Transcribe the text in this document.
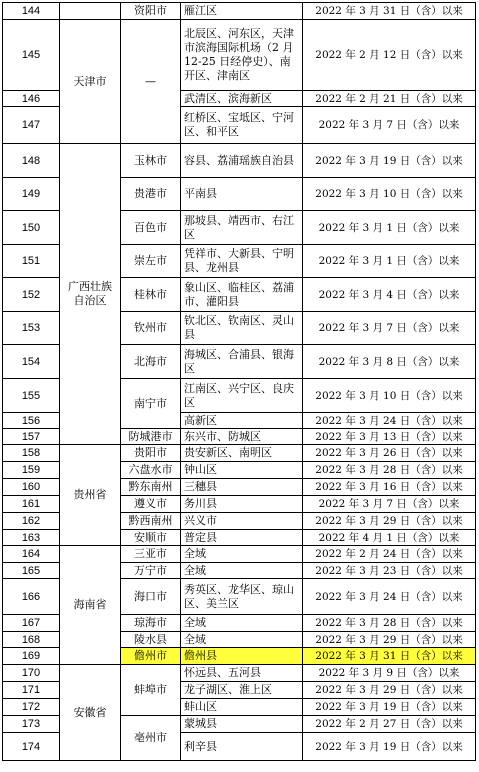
144		资阳市	雁江区	2022 年 3 月 31 日（含）以来
145	天津市	—	北辰区、河东区，天津市滨海国际机场（2 月 12-25 日经停史）、南开区、津南区	2022 年 2 月 12 日（含）以来
146			武清区、滨海新区	2022 年 2 月 21 日（含）以来
147			红桥区、宝坻区、宁河区、和平区	2022 年 3 月 7 日（含）以来
148	广西壮族自治区	玉林市	容县、荔浦瑶族自治县	2022 年 3 月 19 日（含）以来
149		贵港市	平南县	2022 年 3 月 10 日（含）以来
150		百色市	那坡县、靖西市、右江区	2022 年 3 月 1 日（含）以来
151		崇左市	凭祥市、大新县、宁明县、龙州县	2022 年 3 月 1 日（含）以来
152		桂林市	象山区、临桂区、荔浦市、灌阳县	2022 年 3 月 4 日（含）以来
153		钦州市	钦北区、钦南区、灵山县	2022 年 3 月 7 日（含）以来
154		北海市	海城区、合浦县、银海区	2022 年 3 月 8 日（含）以来
155		南宁市	江南区、兴宁区、良庆区	2022 年 3 月 10 日（含）以来
156			高新区	2022 年 3 月 24 日（含）以来
157		防城港市	东兴市、防城区	2022 年 3 月 13 日（含）以来
158	贵州省	贵阳市	贵安新区、南明区	2022 年 3 月 26 日（含）以来
159		六盘水市	钟山区	2022 年 3 月 28 日（含）以来
160		黔东南州	三穗县	2022 年 3 月 16 日（含）以来
161		遵义市	务川县	2022 年 3 月 7 日（含）以来
162		黔西南州	兴义市	2022 年 3 月 29 日（含）以来
163		安顺市	普定县	2022 年 4 月 1 日（含）以来
164	海南省	三亚市	全域	2022 年 2 月 24 日（含）以来
165		万宁市	全域	2022 年 3 月 23 日（含）以来
166		海口市	秀英区、龙华区、琼山区、美兰区	2022 年 3 月 24 日（含）以来
167		琼海市	全域	2022 年 3 月 28 日（含）以来
168		陵水县	全域	2022 年 3 月 29 日（含）以来
169		儋州市	儋州县	2022 年 3 月 31 日（含）以来
170	安徽省	蚌埠市	怀远县、五河县	2022 年 3 月 9 日（含）以来
171			龙子湖区、淮上区	2022 年 3 月 29 日（含）以来
172			蚌山区	2022 年 3 月 19 日（含）以来
173		亳州市	蒙城县	2022 年 2 月 27 日（含）以来
174			利辛县	2022 年 3 月 19 日（含）以来
